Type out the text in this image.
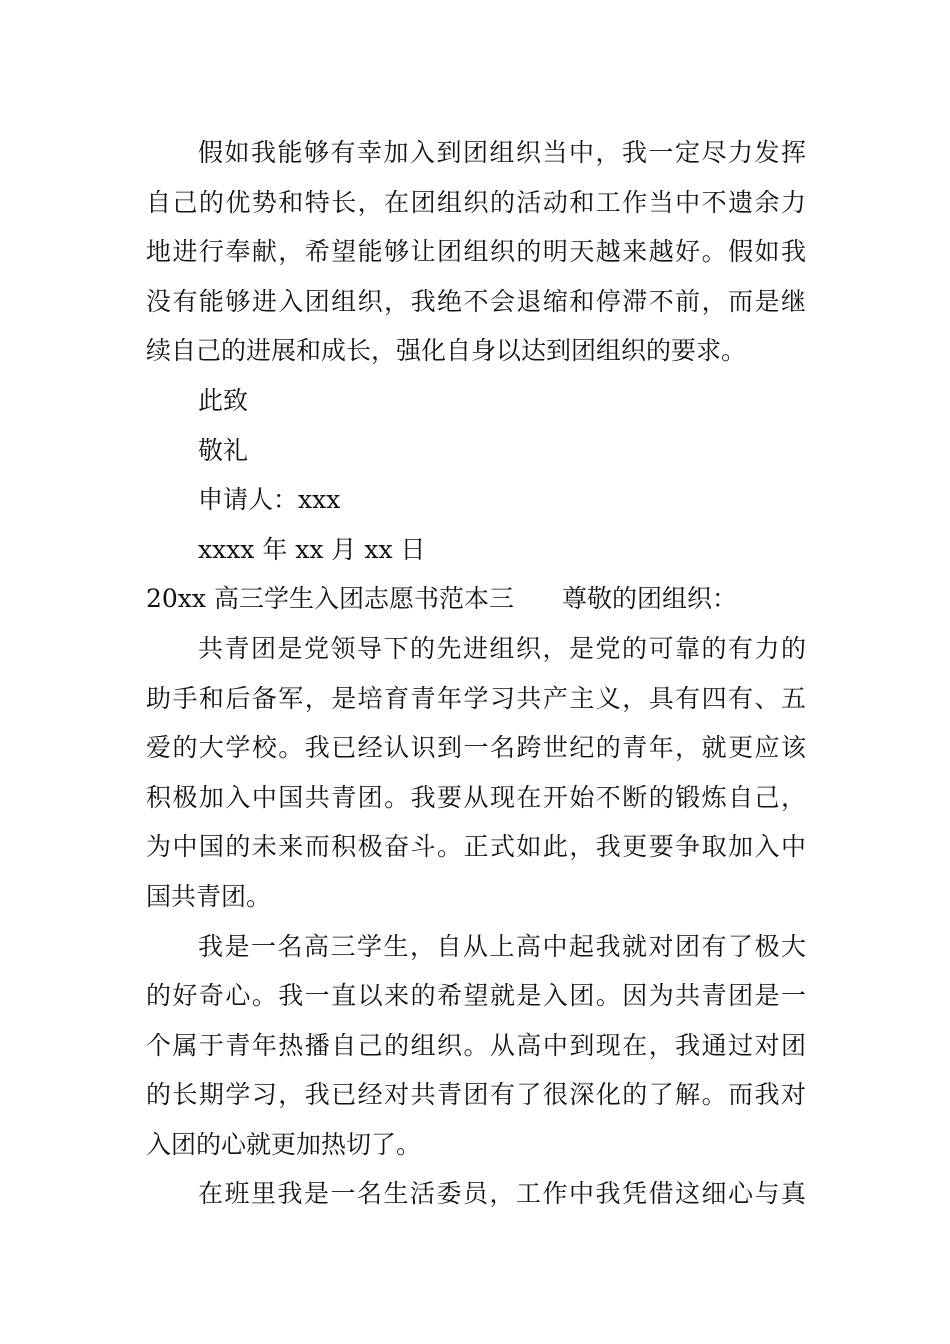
假如我能够有幸加入到团组织当中，我一定尽力发挥
自己的优势和特长，在团组织的活动和工作当中不遗余力
地进行奉献，希望能够让团组织的明天越来越好。假如我
没有能够进入团组织，我绝不会退缩和停滞不前，而是继
续自己的进展和成长，强化自身以达到团组织的要求。
此致
敬礼
申请人：xxx
xxxx 年 xx 月 xx 日
20xx 高三学生入团志愿书范本三 尊敬的团组织：
共青团是党领导下的先进组织，是党的可靠的有力的
助手和后备军，是培育青年学习共产主义，具有四有、五
爱的大学校。我已经认识到一名跨世纪的青年，就更应该
积极加入中国共青团。我要从现在开始不断的锻炼自己，
为中国的未来而积极奋斗。正式如此，我更要争取加入中
国共青团。
我是一名高三学生，自从上高中起我就对团有了极大
的好奇心。我一直以来的希望就是入团。因为共青团是一
个属于青年热播自己的组织。从高中到现在，我通过对团
的长期学习，我已经对共青团有了很深化的了解。而我对
入团的心就更加热切了。
在班里我是一名生活委员，工作中我凭借这细心与真
